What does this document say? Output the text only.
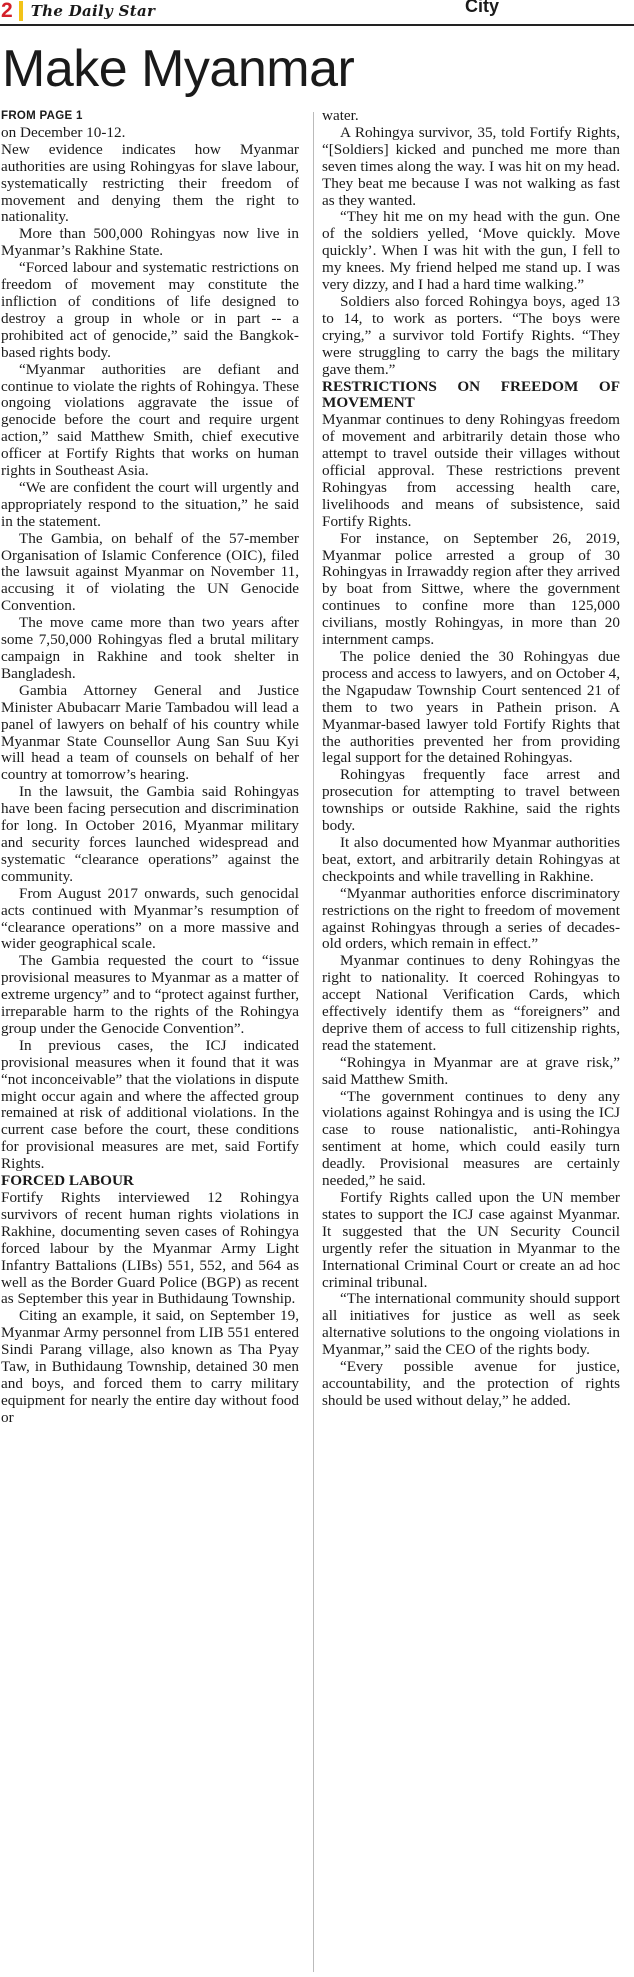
2 The Daily Star	City
Make Myanmar

FROM PAGE 1

on December 10-12.

New evidence indicates how Myanmar authorities are using Rohingyas for slave labour, systematically restricting their freedom of movement and denying them the right to nationality.

More than 500,000 Rohingyas now live in Myanmar’s Rakhine State.

“Forced labour and systematic restrictions on freedom of movement may constitute the infliction of conditions of life designed to destroy a group in whole or in part -- a prohibited act of genocide,” said the Bangkok-based rights body.

“Myanmar authorities are defiant and continue to violate the rights of Rohingya. These ongoing violations aggravate the issue of genocide before the court and require urgent action,” said Matthew Smith, chief executive officer at Fortify Rights that works on human rights in Southeast Asia.

“We are confident the court will urgently and appropriately respond to the situation,” he said in the statement.

The Gambia, on behalf of the 57-member Organisation of Islamic Conference (OIC), filed the lawsuit against Myanmar on November 11, accusing it of violating the UN Genocide Convention.

The move came more than two years after some 7,50,000 Rohingyas fled a brutal military campaign in Rakhine and took shelter in Bangladesh.

Gambia Attorney General and Justice Minister Abubacarr Marie Tambadou will lead a panel of lawyers on behalf of his country while Myanmar State Counsellor Aung San Suu Kyi will head a team of counsels on behalf of her country at tomorrow’s hearing.

In the lawsuit, the Gambia said Rohingyas have been facing persecution and discrimination for long. In October 2016, Myanmar military and security forces launched widespread and systematic “clearance operations” against the community.

From August 2017 onwards, such genocidal acts continued with Myanmar’s resumption of “clearance operations” on a more massive and wider geographical scale.

The Gambia requested the court to “issue provisional measures to Myanmar as a matter of extreme urgency” and to “protect against further, irreparable harm to the rights of the Rohingya group under the Genocide Convention”.

In previous cases, the ICJ indicated provisional measures when it found that it was “not inconceivable” that the violations in dispute might occur again and where the affected group remained at risk of additional violations. In the current case before the court, these conditions for provisional measures are met, said Fortify Rights.

FORCED LABOUR

Fortify Rights interviewed 12 Rohingya survivors of recent human rights violations in Rakhine, documenting seven cases of Rohingya forced labour by the Myanmar Army Light Infantry Battalions (LIBs) 551, 552, and 564 as well as the Border Guard Police (BGP) as recent as September this year in Buthidaung Township.

Citing an example, it said, on September 19, Myanmar Army personnel from LIB 551 entered Sindi Parang village, also known as Tha Pyay Taw, in Buthidaung Township, detained 30 men and boys, and forced them to carry military equipment for nearly the entire day without food or

water.

A Rohingya survivor, 35, told Fortify Rights, “[Soldiers] kicked and punched me more than seven times along the way. I was hit on my head. They beat me because I was not walking as fast as they wanted.

“They hit me on my head with the gun. One of the soldiers yelled, ‘Move quickly. Move quickly’. When I was hit with the gun, I fell to my knees. My friend helped me stand up. I was very dizzy, and I had a hard time walking.”

Soldiers also forced Rohingya boys, aged 13 to 14, to work as porters. “The boys were crying,” a survivor told Fortify Rights. “They were struggling to carry the bags the military gave them.”

RESTRICTIONS ON FREEDOM OF MOVEMENT

Myanmar continues to deny Rohingyas freedom of movement and arbitrarily detain those who attempt to travel outside their villages without official approval. These restrictions prevent Rohingyas from accessing health care, livelihoods and means of subsistence, said Fortify Rights.

For instance, on September 26, 2019, Myanmar police arrested a group of 30 Rohingyas in Irrawaddy region after they arrived by boat from Sittwe, where the government continues to confine more than 125,000 civilians, mostly Rohingyas, in more than 20 internment camps.

The police denied the 30 Rohingyas due process and access to lawyers, and on October 4, the Ngapudaw Township Court sentenced 21 of them to two years in Pathein prison. A Myanmar-based lawyer told Fortify Rights that the authorities prevented her from providing legal support for the detained Rohingyas.

Rohingyas frequently face arrest and prosecution for attempting to travel between townships or outside Rakhine, said the rights body.

It also documented how Myanmar authorities beat, extort, and arbitrarily detain Rohingyas at checkpoints and while travelling in Rakhine.

“Myanmar authorities enforce discriminatory restrictions on the right to freedom of movement against Rohingyas through a series of decades-old orders, which remain in effect.”

Myanmar continues to deny Rohingyas the right to nationality. It coerced Rohingyas to accept National Verification Cards, which effectively identify them as “foreigners” and deprive them of access to full citizenship rights, read the statement.

“Rohingya in Myanmar are at grave risk,” said Matthew Smith.

“The government continues to deny any violations against Rohingya and is using the ICJ case to rouse nationalistic, anti-Rohingya sentiment at home, which could easily turn deadly. Provisional measures are certainly needed,” he said.

Fortify Rights called upon the UN member states to support the ICJ case against Myanmar. It suggested that the UN Security Council urgently refer the situation in Myanmar to the International Criminal Court or create an ad hoc criminal tribunal.

“The international community should support all initiatives for justice as well as seek alternative solutions to the ongoing violations in Myanmar,” said the CEO of the rights body.

“Every possible avenue for justice, accountability, and the protection of rights should be used without delay,” he added.
